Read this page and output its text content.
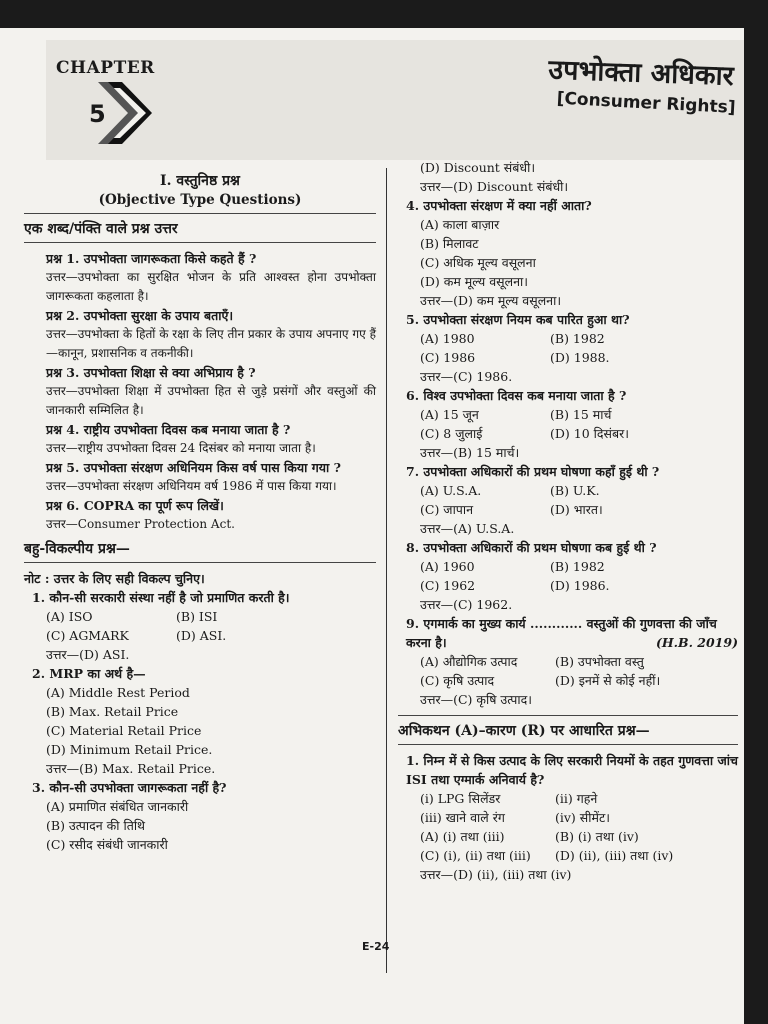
CHAPTER
5
उपभोक्ता अधिकार
[Consumer Rights]
I. वस्तुनिष्ठ प्रश्न
(Objective Type Questions)
एक शब्द/पंक्ति वाले प्रश्न उत्तर
प्रश्न 1. उपभोक्ता जागरूकता किसे कहते हैं ?
उत्तर—उपभोक्ता का सुरक्षित भोजन के प्रति आश्वस्त होना उपभोक्ता जागरूकता कहलाता है।
प्रश्न 2. उपभोक्ता सुरक्षा के उपाय बताएँ।
उत्तर—उपभोक्ता के हितों के रक्षा के लिए तीन प्रकार के उपाय अपनाए गए हैं—कानून, प्रशासनिक व तकनीकी।
प्रश्न 3. उपभोक्ता शिक्षा से क्या अभिप्राय है ?
उत्तर—उपभोक्ता शिक्षा में उपभोक्ता हित से जुड़े प्रसंगों और वस्तुओं की जानकारी सम्मिलित है।
प्रश्न 4. राष्ट्रीय उपभोक्ता दिवस कब मनाया जाता है ?
उत्तर—राष्ट्रीय उपभोक्ता दिवस 24 दिसंबर को मनाया जाता है।
प्रश्न 5. उपभोक्ता संरक्षण अधिनियम किस वर्ष पास किया गया ?
उत्तर—उपभोक्ता संरक्षण अधिनियम वर्ष 1986 में पास किया गया।
प्रश्न 6. COPRA का पूर्ण रूप लिखें।
उत्तर—Consumer Protection Act.
बहु-विकल्पीय प्रश्न—
नोट : उत्तर के लिए सही विकल्प चुनिए।
1. कौन-सी सरकारी संस्था नहीं है जो प्रमाणित करती है।
(A) ISO	(B) ISI
(C) AGMARK	(D) ASI.
उत्तर—(D) ASI.
2. MRP का अर्थ है—
(A) Middle Rest Period
(B) Max. Retail Price
(C) Material Retail Price
(D) Minimum Retail Price.
उत्तर—(B) Max. Retail Price.
3. कौन-सी उपभोक्ता जागरूकता नहीं है?
(A) प्रमाणित संबंधित जानकारी
(B) उत्पादन की तिथि
(C) रसीद संबंधी जानकारी
(D) Discount संबंधी।
उत्तर—(D) Discount संबंधी।
4. उपभोक्ता संरक्षण में क्या नहीं आता?
(A) काला बाज़ार
(B) मिलावट
(C) अधिक मूल्य वसूलना
(D) कम मूल्य वसूलना।
उत्तर—(D) कम मूल्य वसूलना।
5. उपभोक्ता संरक्षण नियम कब पारित हुआ था?
(A) 1980	(B) 1982
(C) 1986	(D) 1988.
उत्तर—(C) 1986.
6. विश्व उपभोक्ता दिवस कब मनाया जाता है ?
(A) 15 जून	(B) 15 मार्च
(C) 8 जुलाई	(D) 10 दिसंबर।
उत्तर—(B) 15 मार्च।
7. उपभोक्ता अधिकारों की प्रथम घोषणा कहाँ हुई थी ?
(A) U.S.A.	(B) U.K.
(C) जापान	(D) भारत।
उत्तर—(A) U.S.A.
8. उपभोक्ता अधिकारों की प्रथम घोषणा कब हुई थी ?
(A) 1960	(B) 1982
(C) 1962	(D) 1986.
उत्तर—(C) 1962.
9. एगमार्क का मुख्य कार्य ............ वस्तुओं की गुणवत्ता की जाँच करना है।	(H.B. 2019)
(A) औद्योगिक उत्पाद	(B) उपभोक्ता वस्तु
(C) कृषि उत्पाद	(D) इनमें से कोई नहीं।
उत्तर—(C) कृषि उत्पाद।
अभिकथन (A)–कारण (R) पर आधारित प्रश्न—
1. निम्न में से किस उत्पाद के लिए सरकारी नियमों के तहत गुणवत्ता जांच ISI तथा एग्मार्क अनिवार्य है?
(i) LPG सिलेंडर	(ii) गहने
(iii) खाने वाले रंग	(iv) सीमेंट।
(A) (i) तथा (iii)	(B) (i) तथा (iv)
(C) (i), (ii) तथा (iii)	(D) (ii), (iii) तथा (iv)
उत्तर—(D) (ii), (iii) तथा (iv)
E-24
